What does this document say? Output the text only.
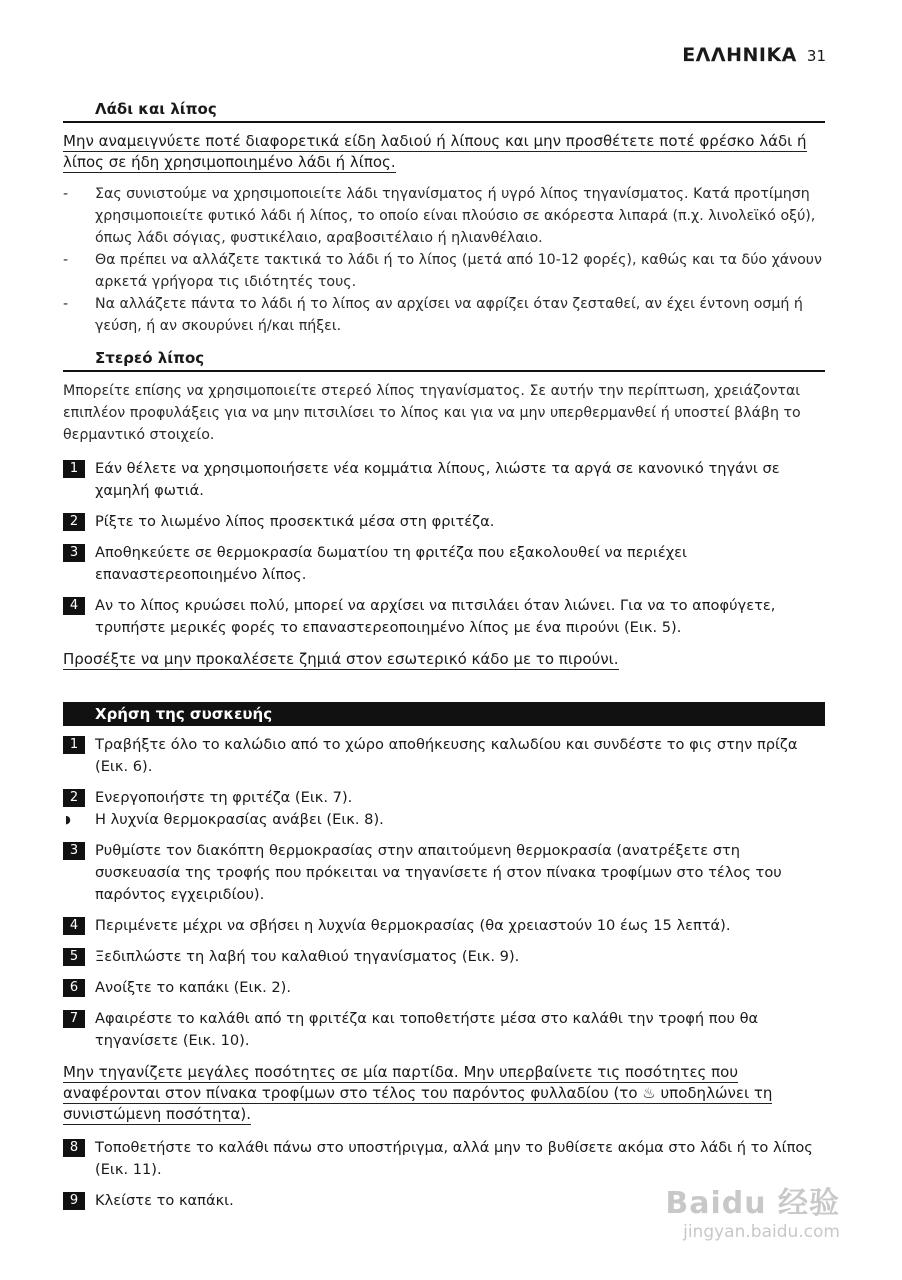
ΕΛΛΗΝΙΚΑ 31
Λάδι και λίπος
Μην αναμειγνύετε ποτέ διαφορετικά είδη λαδιού ή λίπους και μην προσθέτετε ποτέ φρέσκο λάδι ή λίπος σε ήδη χρησιμοποιημένο λάδι ή λίπος.
- Σας συνιστούμε να χρησιμοποιείτε λάδι τηγανίσματος ή υγρό λίπος τηγανίσματος. Κατά προτίμηση χρησιμοποιείτε φυτικό λάδι ή λίπος, το οποίο είναι πλούσιο σε ακόρεστα λιπαρά (π.χ. λινολεϊκό οξύ), όπως λάδι σόγιας, φυστικέλαιο, αραβοσιτέλαιο ή ηλιανθέλαιο.
- Θα πρέπει να αλλάζετε τακτικά το λάδι ή το λίπος (μετά από 10-12 φορές), καθώς και τα δύο χάνουν αρκετά γρήγορα τις ιδιότητές τους.
- Να αλλάζετε πάντα το λάδι ή το λίπος αν αρχίσει να αφρίζει όταν ζεσταθεί, αν έχει έντονη οσμή ή γεύση, ή αν σκουρύνει ή/και πήξει.
Στερεό λίπος
Μπορείτε επίσης να χρησιμοποιείτε στερεό λίπος τηγανίσματος. Σε αυτήν την περίπτωση, χρειάζονται επιπλέον προφυλάξεις για να μην πιτσιλίσει το λίπος και για να μην υπερθερμανθεί ή υποστεί βλάβη το θερμαντικό στοιχείο.
1	Εάν θέλετε να χρησιμοποιήσετε νέα κομμάτια λίπους, λιώστε τα αργά σε κανονικό τηγάνι σε χαμηλή φωτιά.
2	Ρίξτε το λιωμένο λίπος προσεκτικά μέσα στη φριτέζα.
3	Αποθηκεύετε σε θερμοκρασία δωματίου τη φριτέζα που εξακολουθεί να περιέχει επαναστερεοποιημένο λίπος.
4	Αν το λίπος κρυώσει πολύ, μπορεί να αρχίσει να πιτσιλάει όταν λιώνει. Για να το αποφύγετε, τρυπήστε μερικές φορές το επαναστερεοποιημένο λίπος με ένα πιρούνι (Εικ. 5).
Προσέξτε να μην προκαλέσετε ζημιά στον εσωτερικό κάδο με το πιρούνι.
Χρήση της συσκευής
1	Τραβήξτε όλο το καλώδιο από το χώρο αποθήκευσης καλωδίου και συνδέστε το φις στην πρίζα (Εικ. 6).
2	Ενεργοποιήστε τη φριτέζα (Εικ. 7).
◗ Η λυχνία θερμοκρασίας ανάβει (Εικ. 8).
3	Ρυθμίστε τον διακόπτη θερμοκρασίας στην απαιτούμενη θερμοκρασία (ανατρέξετε στη συσκευασία της τροφής που πρόκειται να τηγανίσετε ή στον πίνακα τροφίμων στο τέλος του παρόντος εγχειριδίου).
4	Περιμένετε μέχρι να σβήσει η λυχνία θερμοκρασίας (θα χρειαστούν 10 έως 15 λεπτά).
5	Ξεδιπλώστε τη λαβή του καλαθιού τηγανίσματος (Εικ. 9).
6	Ανοίξτε το καπάκι (Εικ. 2).
7	Αφαιρέστε το καλάθι από τη φριτέζα και τοποθετήστε μέσα στο καλάθι την τροφή που θα τηγανίσετε (Εικ. 10).
Μην τηγανίζετε μεγάλες ποσότητες σε μία παρτίδα. Μην υπερβαίνετε τις ποσότητες που αναφέρονται στον πίνακα τροφίμων στο τέλος του παρόντος φυλλαδίου (το ♨ υποδηλώνει τη συνιστώμενη ποσότητα).
8	Τοποθετήστε το καλάθι πάνω στο υποστήριγμα, αλλά μην το βυθίσετε ακόμα στο λάδι ή το λίπος (Εικ. 11).
9	Κλείστε το καπάκι.	Baidu 经验
jingyan.baidu.com
